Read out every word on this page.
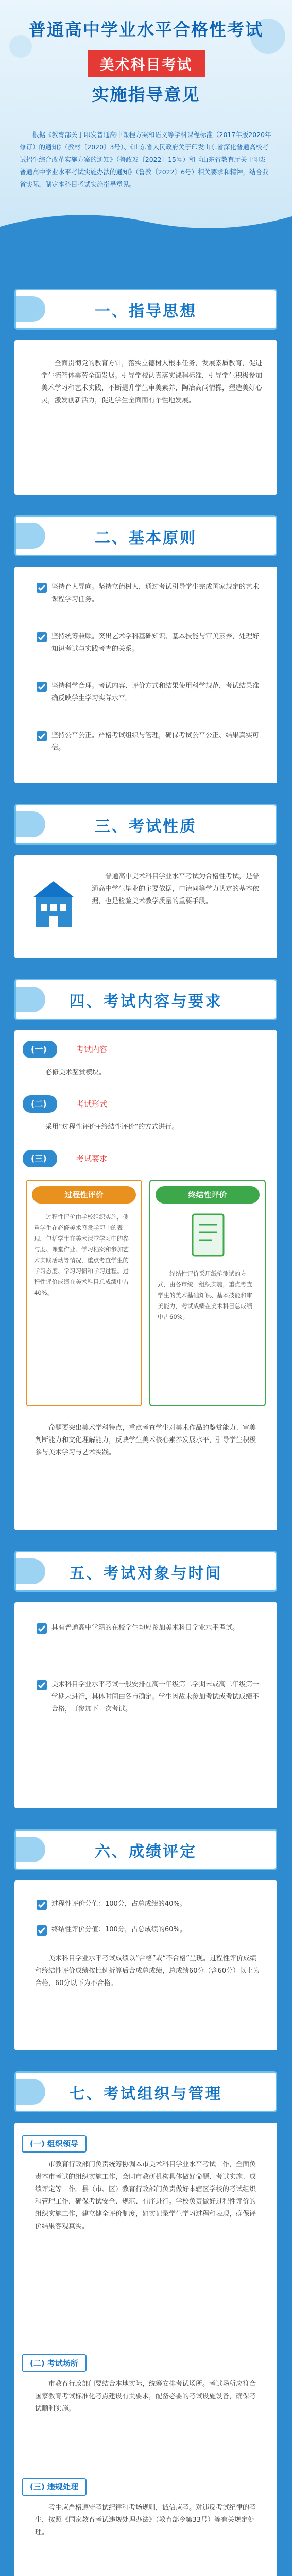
普通高中学业水平合格性考试
美术科目考试
实施指导意见
根据《教育部关于印发普通高中课程方案和语文等学科课程标准（2017年版2020年修订）的通知》（教材〔2020〕3号）、《山东省人民政府关于印发山东省深化普通高校考试招生综合改革实施方案的通知》（鲁政发〔2022〕15号）和《山东省教育厅关于印发普通高中学业水平考试实施办法的通知》（鲁教〔2022〕6号）相关要求和精神，结合我省实际，制定本科目考试实施指导意见。
一、指导思想
全面贯彻党的教育方针，落实立德树人根本任务，发展素质教育，促进学生德智体美劳全面发展。引导学校认真落实课程标准，引导学生积极参加美术学习和艺术实践，不断提升学生审美素养，陶冶高尚情操，塑造美好心灵，激发创新活力，促进学生全面而有个性地发展。
二、基本原则
坚持育人导向。坚持立德树人，通过考试引导学生完成国家规定的艺术课程学习任务。
坚持统筹兼顾。突出艺术学科基础知识、基本技能与审美素养，处理好知识考试与实践考查的关系。
坚持科学合理。考试内容、评价方式和结果使用科学规范，考试结果准确反映学生学习实际水平。
坚持公平公正。严格考试组织与管理，确保考试公平公正、结果真实可信。
三、考试性质
普通高中美术科目学业水平考试为合格性考试，是普通高中学生毕业的主要依据，申请同等学力认定的基本依据，也是检验美术教学质量的重要手段。
四、考试内容与要求
(一)	考试内容
必修美术鉴赏模块。
(二)	考试形式
采用“过程性评价+终结性评价”的方式进行。
(三)	考试要求
过程性评价
过程性评价由学校组织实施，侧重学生在必修美术鉴赏学习中的表现，包括学生在美术课堂学习中的参与度、课堂作业、学习档案和参加艺术实践活动等情况，重点考查学生的学习态度、学习习惯和学习过程。过程性评价成绩在美术科目总成绩中占40%。
终结性评价
终结性评价采用纸笔测试的方式，由各市统一组织实施，重点考查学生的美术基础知识、基本技能和审美能力，考试成绩在美术科目总成绩中占60%。
命题要突出美术学科特点，重点考查学生对美术作品的鉴赏能力、审美判断能力和文化理解能力，反映学生美术核心素养发展水平，引导学生积极参与美术学习与艺术实践。
五、考试对象与时间
具有普通高中学籍的在校学生均应参加美术科目学业水平考试。
美术科目学业水平考试一般安排在高一年级第二学期末或高二年级第一学期末进行，具体时间由各市确定。学生因故未参加考试或考试成绩不合格，可参加下一次考试。
六、成绩评定
过程性评价分值：100分，占总成绩的40%。
终结性评价分值：100分，占总成绩的60%。
美术科目学业水平考试成绩以“合格”或“不合格”呈现。过程性评价成绩和终结性评价成绩按比例折算后合成总成绩，总成绩60分（含60分）以上为合格，60分以下为不合格。
七、考试组织与管理
(一) 组织领导
市教育行政部门负责统筹协调本市美术科目学业水平考试工作，全面负责本市考试的组织实施工作，会同市教研机构具体做好命题、考试实施、成绩评定等工作。县（市、区）教育行政部门负责做好本辖区学校的考试组织和管理工作，确保考试安全、规范、有序进行。学校负责做好过程性评价的组织实施工作，建立健全评价制度，如实记录学生学习过程和表现，确保评价结果客观真实。
(二) 考试场所
市教育行政部门要结合本地实际，统筹安排考试场所。考试场所应符合国家教育考试标准化考点建设有关要求，配备必要的考试设施设备，确保考试顺利实施。
(三) 违规处理
考生应严格遵守考试纪律和考场规则，诚信应考。对违反考试纪律的考生，按照《国家教育考试违规处理办法》（教育部令第33号）等有关规定处理。
